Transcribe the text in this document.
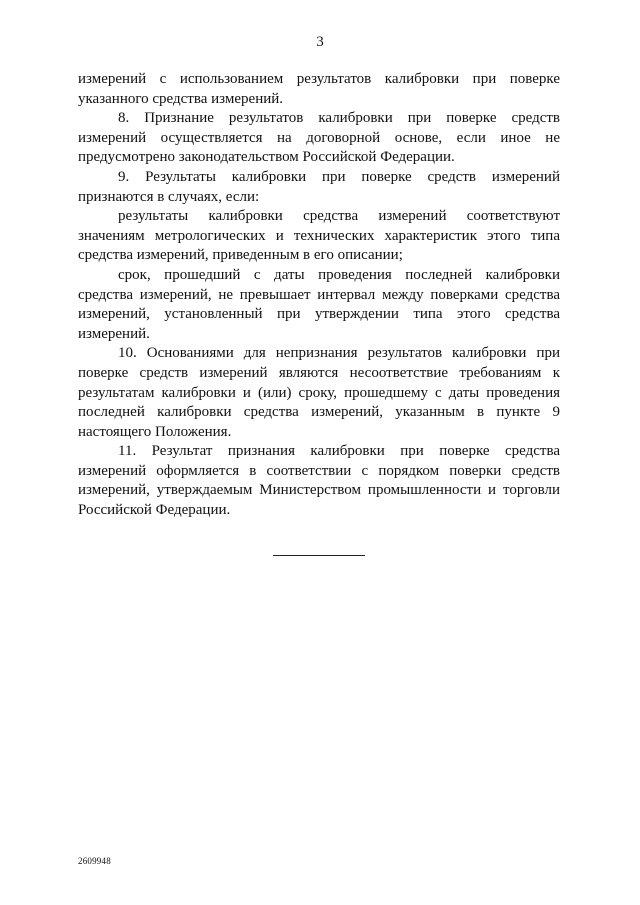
3

измерений с использованием результатов калибровки при поверке указанного средства измерений.

8. Признание результатов калибровки при поверке средств измерений осуществляется на договорной основе, если иное не предусмотрено законодательством Российской Федерации.

9. Результаты калибровки при поверке средств измерений признаются в случаях, если:

результаты калибровки средства измерений соответствуют значениям метрологических и технических характеристик этого типа средства измерений, приведенным в его описании;

срок, прошедший с даты проведения последней калибровки средства измерений, не превышает интервал между поверками средства измерений, установленный при утверждении типа этого средства измерений.

10. Основаниями для непризнания результатов калибровки при поверке средств измерений являются несоответствие требованиям к результатам калибровки и (или) сроку, прошедшему с даты проведения последней калибровки средства измерений, указанным в пункте 9 настоящего Положения.

11. Результат признания калибровки при поверке средства измерений оформляется в соответствии с порядком поверки средств измерений, утверждаемым Министерством промышленности и торговли Российской Федерации.

2609948
